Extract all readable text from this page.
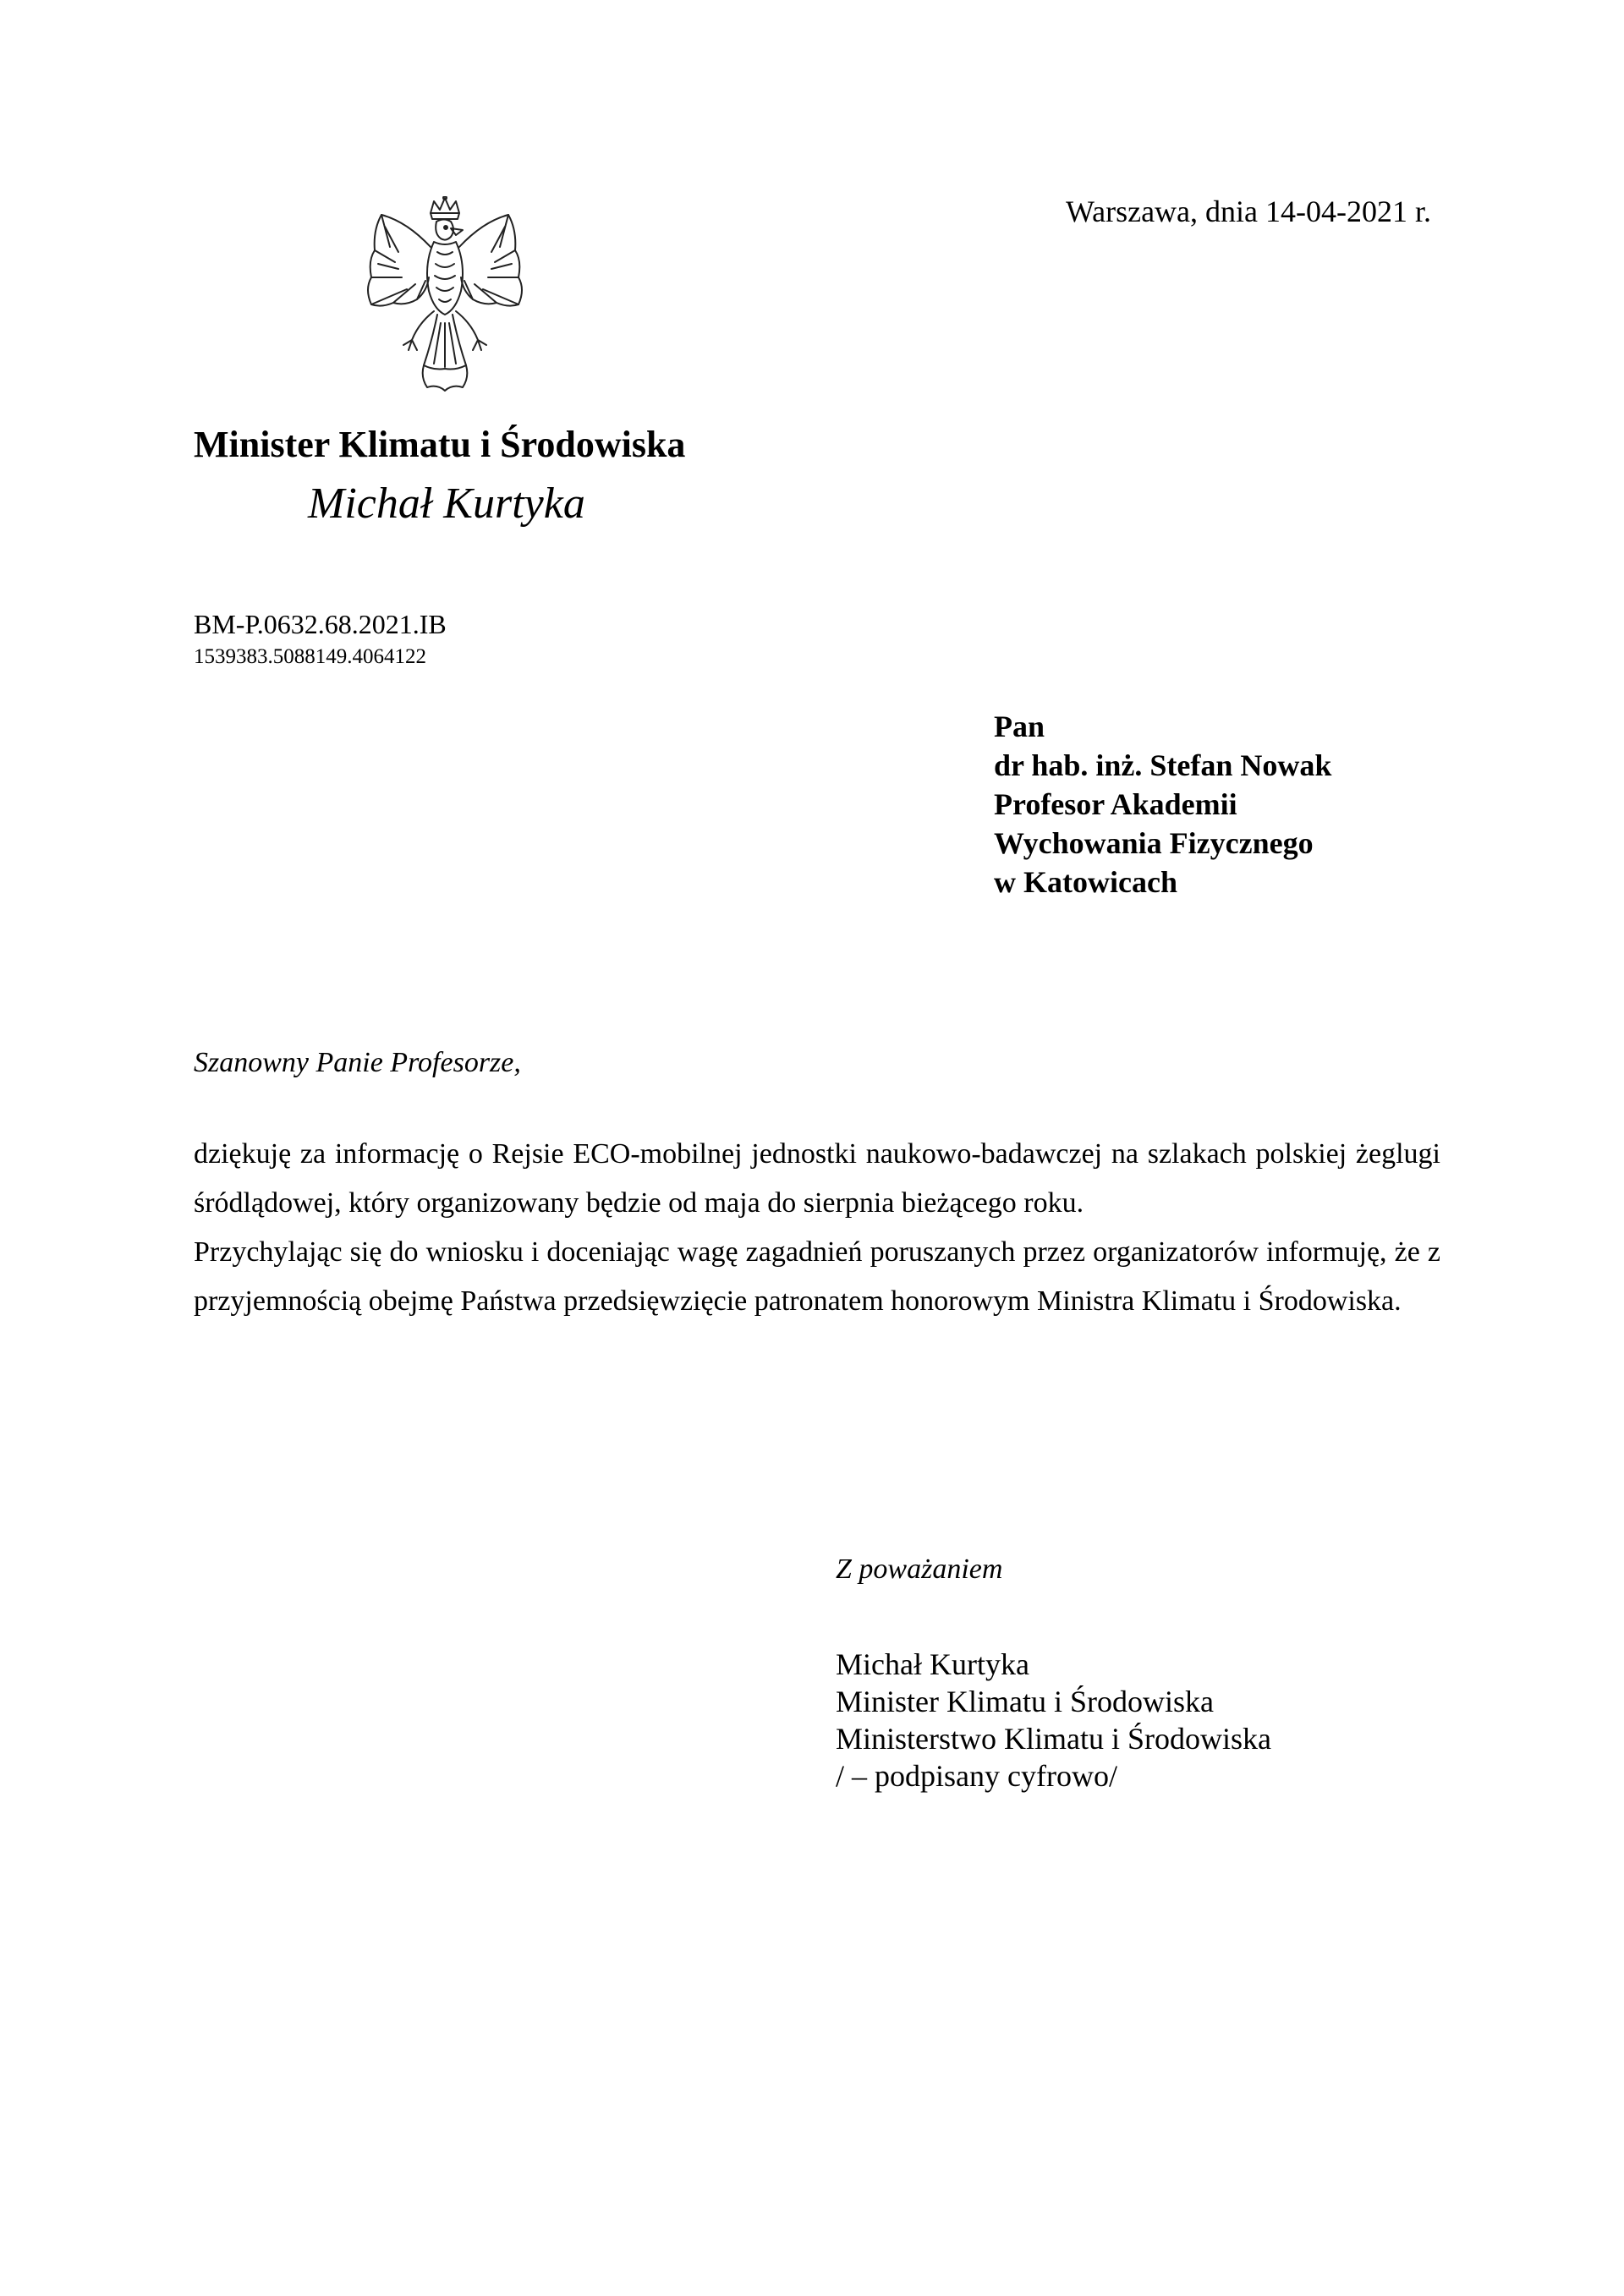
Warszawa, dnia 14-04-2021 r.
Minister Klimatu i Środowiska
Michał Kurtyka
BM-P.0632.68.2021.IB
1539383.5088149.4064122
Pan
dr hab. inż. Stefan Nowak
Profesor Akademii
Wychowania Fizycznego
w Katowicach
Szanowny Panie Profesorze,

dziękuję za informację o Rejsie ECO-mobilnej jednostki naukowo-badawczej na szlakach polskiej żeglugi śródlądowej, który organizowany będzie od maja do sierpnia bieżącego roku.

Przychylając się do wniosku i doceniając wagę zagadnień poruszanych przez organizatorów informuję, że z przyjemnością obejmę Państwa przedsięwzięcie patronatem honorowym Ministra Klimatu i Środowiska.

Z poważaniem
Michał Kurtyka
Minister Klimatu i Środowiska
Ministerstwo Klimatu i Środowiska
/ – podpisany cyfrowo/
